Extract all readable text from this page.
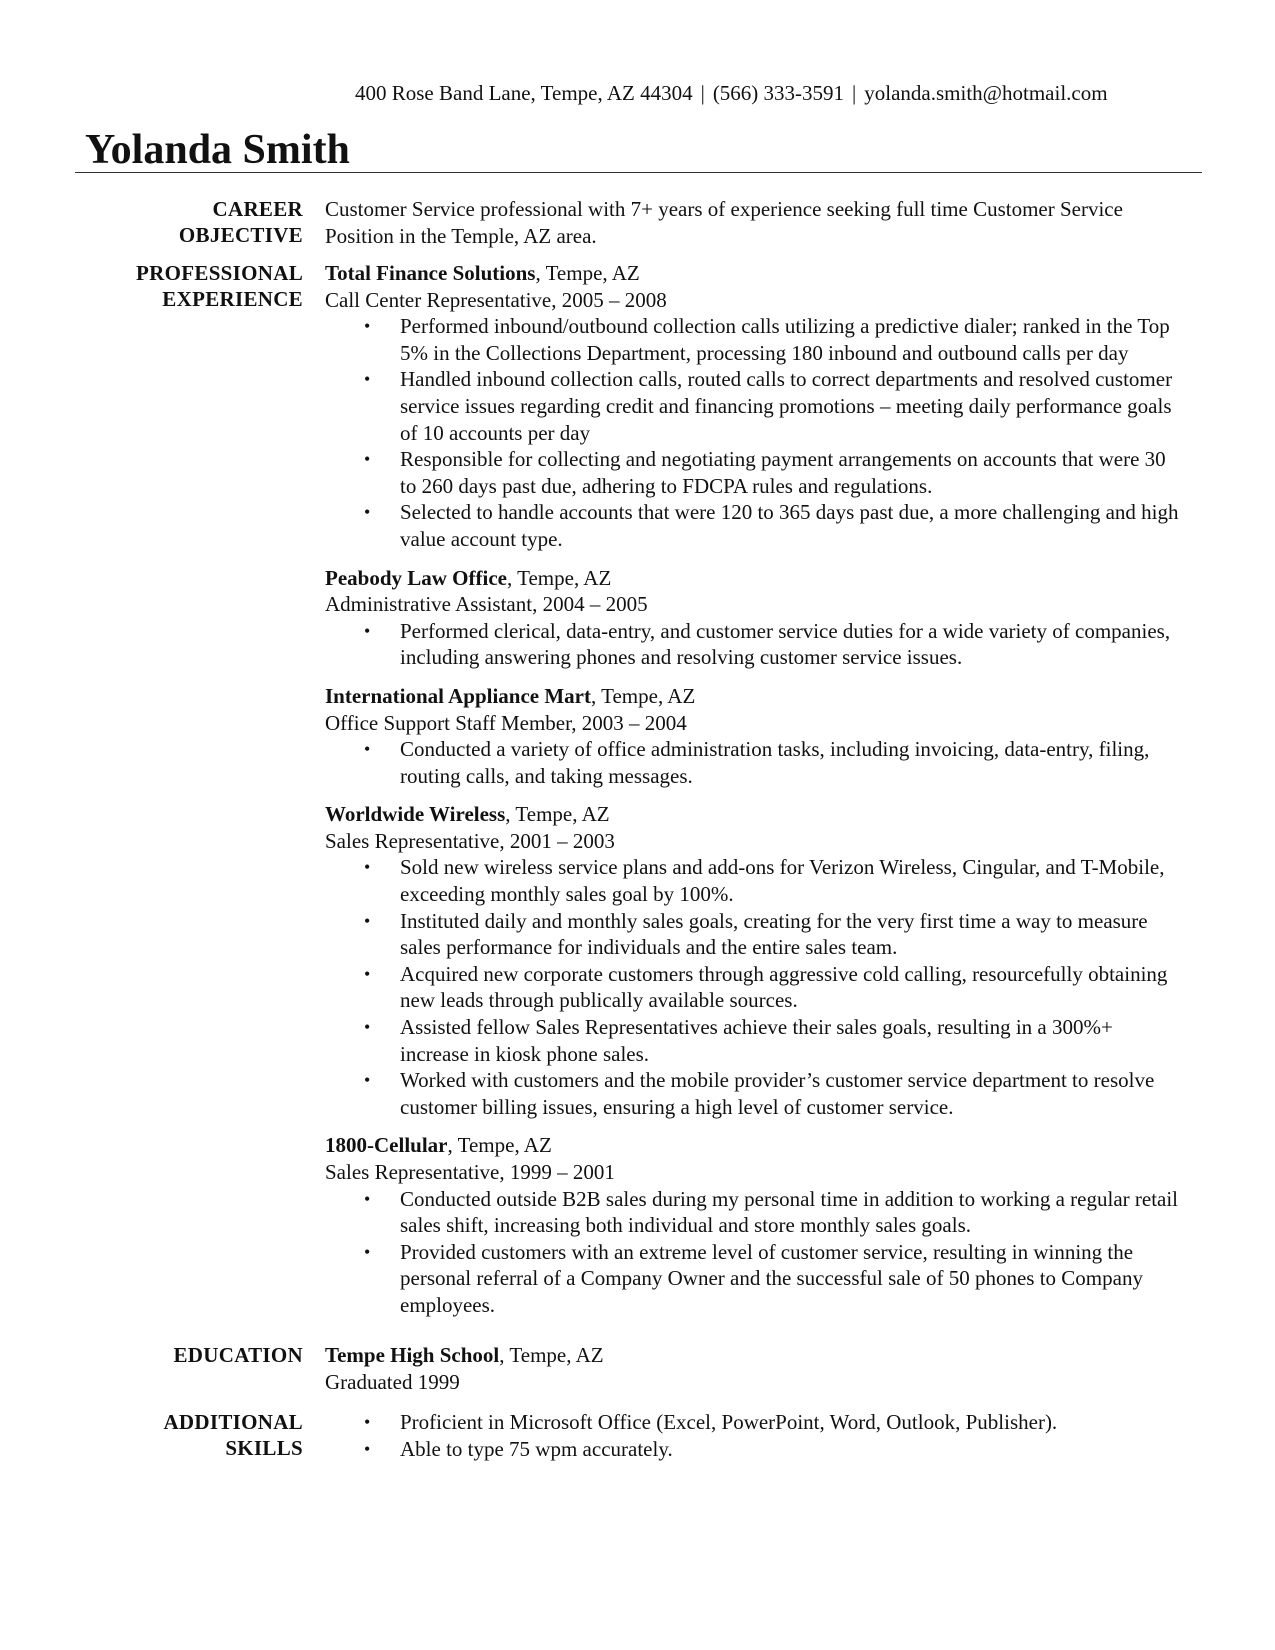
400 Rose Band Lane, Tempe, AZ 44304 | (566) 333-3591 | yolanda.smith@hotmail.com
Yolanda Smith
CAREER
OBJECTIVE

Customer Service professional with 7+ years of experience seeking full time Customer Service Position in the Temple, AZ area.

PROFESSIONAL
EXPERIENCE
Total Finance Solutions, Tempe, AZ
Call Center Representative, 2005 – 2008
• Performed inbound/outbound collection calls utilizing a predictive dialer; ranked in the Top 5% in the Collections Department, processing 180 inbound and outbound calls per day
• Handled inbound collection calls, routed calls to correct departments and resolved customer service issues regarding credit and financing promotions – meeting daily performance goals of 10 accounts per day
• Responsible for collecting and negotiating payment arrangements on accounts that were 30 to 260 days past due, adhering to FDCPA rules and regulations.
• Selected to handle accounts that were 120 to 365 days past due, a more challenging and high value account type.
Peabody Law Office, Tempe, AZ
Administrative Assistant, 2004 – 2005
• Performed clerical, data-entry, and customer service duties for a wide variety of companies, including answering phones and resolving customer service issues.
International Appliance Mart, Tempe, AZ
Office Support Staff Member, 2003 – 2004
• Conducted a variety of office administration tasks, including invoicing, data-entry, filing, routing calls, and taking messages.
Worldwide Wireless, Tempe, AZ
Sales Representative, 2001 – 2003
• Sold new wireless service plans and add-ons for Verizon Wireless, Cingular, and T-Mobile, exceeding monthly sales goal by 100%.
• Instituted daily and monthly sales goals, creating for the very first time a way to measure sales performance for individuals and the entire sales team.
• Acquired new corporate customers through aggressive cold calling, resourcefully obtaining new leads through publically available sources.
• Assisted fellow Sales Representatives achieve their sales goals, resulting in a 300%+ increase in kiosk phone sales.
• Worked with customers and the mobile provider’s customer service department to resolve customer billing issues, ensuring a high level of customer service.
1800-Cellular, Tempe, AZ
Sales Representative, 1999 – 2001
• Conducted outside B2B sales during my personal time in addition to working a regular retail sales shift, increasing both individual and store monthly sales goals.
• Provided customers with an extreme level of customer service, resulting in winning the personal referral of a Company Owner and the successful sale of 50 phones to Company employees.
EDUCATION Tempe High School, Tempe, AZ
Graduated 1999
ADDITIONAL
SKILLS
• Proficient in Microsoft Office (Excel, PowerPoint, Word, Outlook, Publisher).
• Able to type 75 wpm accurately.
